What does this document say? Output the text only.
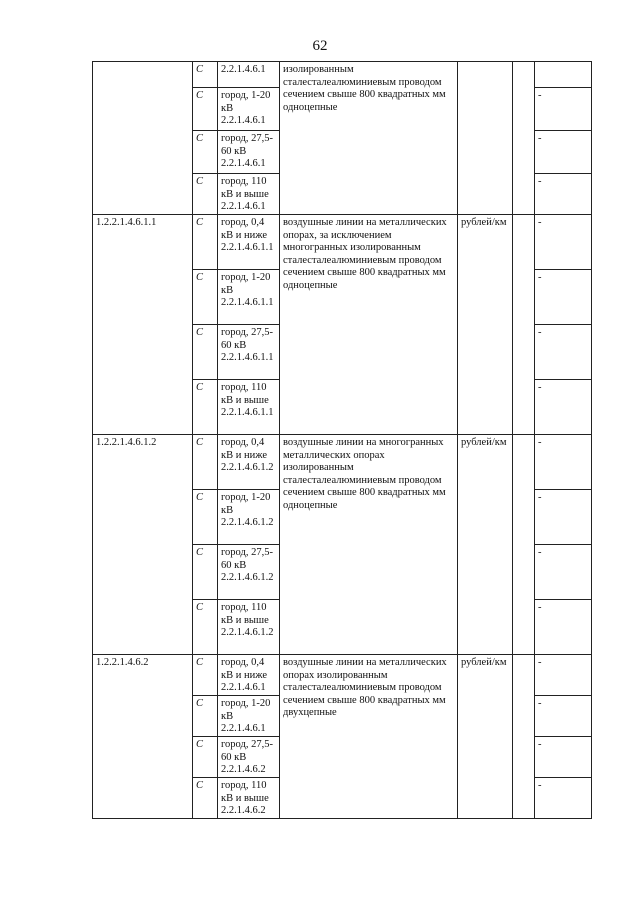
62
	С	2.2.1.4.6.1	изолированным сталесталеалюминиевым проводом сечением свыше 800 квадратных мм одноцепные			
	С	город, 1-20 кВ 2.2.1.4.6.1				-
	С	город, 27,5-60 кВ 2.2.1.4.6.1				-
	С	город, 110 кВ и выше 2.2.1.4.6.1				-
1.2.2.1.4.6.1.1	С	город, 0,4 кВ и ниже 2.2.1.4.6.1.1	воздушные линии на металлических опорах, за исключением многогранных изолированным сталесталеалюминиевым проводом сечением свыше 800 квадратных мм одноцепные	рублей/км		-
	С	город, 1-20 кВ 2.2.1.4.6.1.1				-
	С	город, 27,5-60 кВ 2.2.1.4.6.1.1				-
	С	город, 110 кВ и выше 2.2.1.4.6.1.1				-
1.2.2.1.4.6.1.2	С	город, 0,4 кВ и ниже 2.2.1.4.6.1.2	воздушные линии на многогранных металлических опорах изолированным сталесталеалюминиевым проводом сечением свыше 800 квадратных мм одноцепные	рублей/км		-
	С	город, 1-20 кВ 2.2.1.4.6.1.2				-
	С	город, 27,5-60 кВ 2.2.1.4.6.1.2				-
	С	город, 110 кВ и выше 2.2.1.4.6.1.2				-
1.2.2.1.4.6.2	С	город, 0,4 кВ и ниже 2.2.1.4.6.1	воздушные линии на металлических опорах изолированным сталесталеалюминиевым проводом сечением свыше 800 квадратных мм двухцепные	рублей/км		-
	С	город, 1-20 кВ 2.2.1.4.6.1				-
	С	город, 27,5-60 кВ 2.2.1.4.6.2				-
	С	город, 110 кВ и выше 2.2.1.4.6.2				-
